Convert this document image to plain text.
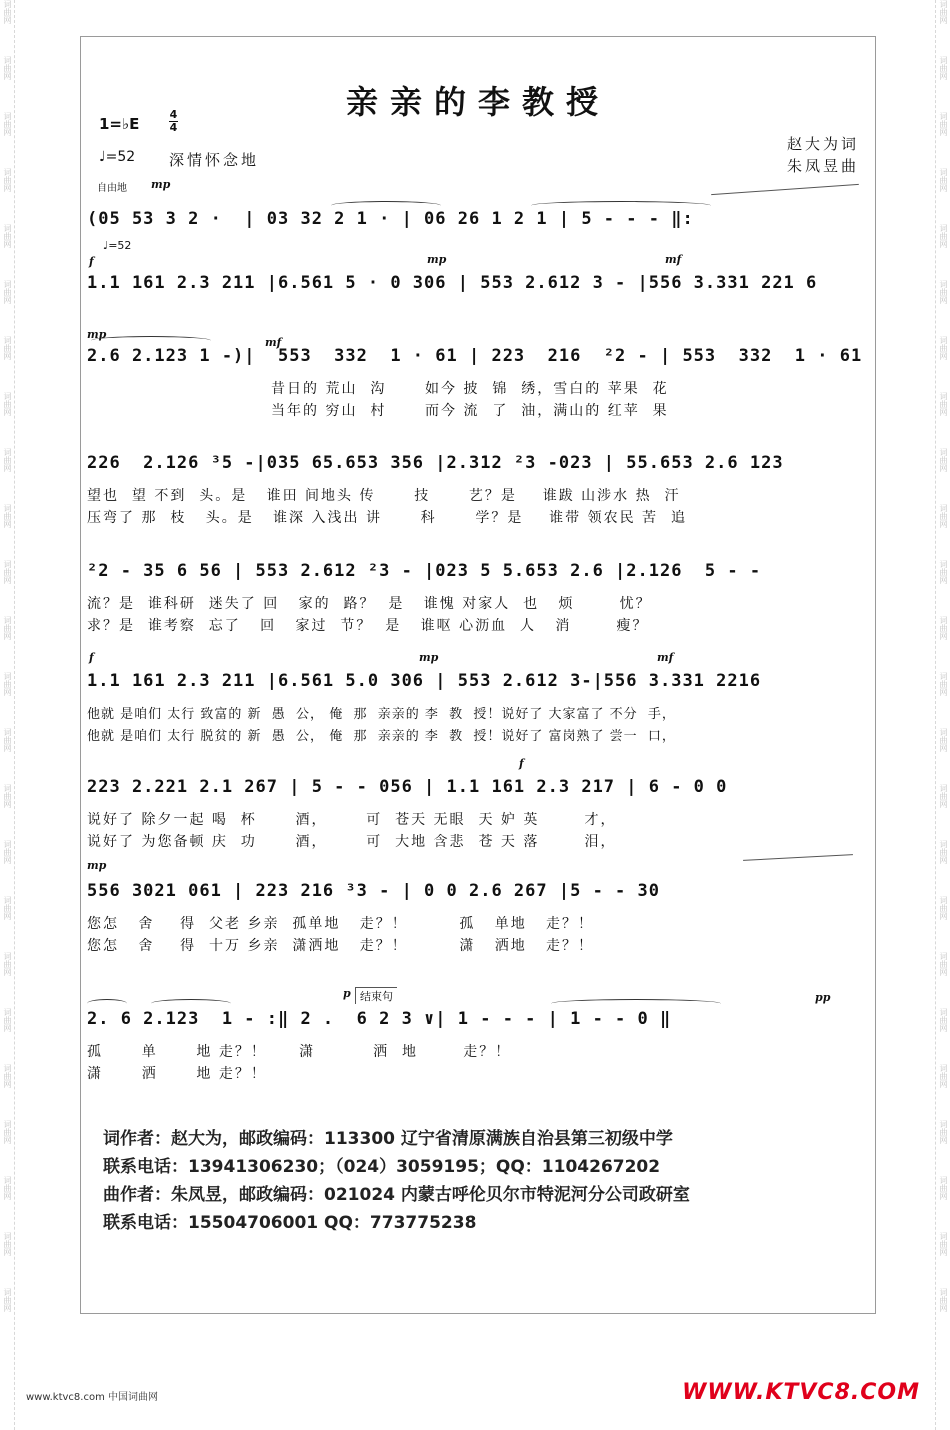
词曲网
词曲网
词曲网
词曲网
词曲网
词曲网
词曲网
词曲网
词曲网
词曲网
词曲网
词曲网
词曲网
词曲网
词曲网
词曲网
词曲网
词曲网
词曲网
词曲网
词曲网
词曲网
词曲网
词曲网
词曲网
词曲网
词曲网
词曲网
词曲网
词曲网
词曲网
词曲网
词曲网
词曲网
词曲网
词曲网
词曲网
词曲网
词曲网
词曲网
词曲网
词曲网
词曲网
词曲网
词曲网
词曲网
词曲网
词曲网
亲亲的李教授
1=♭E
4
4
♩=52 深情怀念地
赵大为词
朱凤昱曲
自由地 mp
(05 53 3 2 ·  | 03 32 2 1 · | 06 26 1 2 1 | 5 - - - ‖:
f
♩=52
mp	mf
1.1 161 2.3 211 |6.561 5 · 0 306 | 553 2.612 3 - |556 3.331 221 6
mp
mf
2.6 2.123 1 -)|  553  332  1 · 61 | 223  216  ²2 - | 553  332  1 · 61
昔日的 荒山  沟      如今 披  锦  绣，雪白的 苹果  花
当年的 穷山  村      而今 流  了  油，满山的 红苹  果
226  2.126 ³5 -|035 65.653 356 |2.312 ²3 -023 | 55.653 2.6 123
望也  望 不到  头。是   谁田 间地头 传      技      艺？是    谁跋 山涉水 热  汗
压弯了 那  枝   头。是   谁深 入浅出 讲      科      学？是    谁带 领农民 苦  追
²2 - 35 6 56 | 553 2.612 ²3 - |023 5 5.653 2.6 |2.126  5 - -
流？是  谁科研  迷失了 回   家的  路？  是   谁愧 对家人  也   烦       忧？
求？是  谁考察  忘了   回   家过  节？  是   谁呕 心沥血  人   消       瘦？
f	mp	mf
1.1 161 2.3 211 |6.561 5.0 306 | 553 2.612 3-|556 3.331 2216
他就 是咱们 太行 致富的 新  愚  公， 俺  那  亲亲的 李  教  授！说好了 大家富了 不分  手，
他就 是咱们 太行 脱贫的 新  愚  公， 俺  那  亲亲的 李  教  授！说好了 富岗熟了 尝一  口，
f
223 2.221 2.1 267 | 5 - - 056 | 1.1 161 2.3 217 | 6 - 0 0
说好了 除夕一起 喝  杯      酒，      可  苍天 无眼  天 妒 英       才，
说好了 为您备顿 庆  功      酒，      可  大地 含悲  苍 天 落       泪，
mp
556 3021 061 | 223 216 ³3 - | 0 0 2.6 267 |5 - - 30
您怎   舍    得  父老 乡亲  孤单地   走？！        孤   单地   走？！
您怎   舍    得  十万 乡亲  潇洒地   走？！        潇   洒地   走？！
p 结束句	pp
2. 6 2.123  1 - :‖ 2 .  6 2 3 ∨| 1 - - - | 1 - - 0 ‖
孤      单      地 走？！     潇         洒  地       走？！
潇      洒      地 走？！
词作者：赵大为，邮政编码：113300 辽宁省清原满族自治县第三初级中学
联系电话：13941306230；（024）3059195；QQ：1104267202
曲作者：朱凤昱，邮政编码：021024 内蒙古呼伦贝尔市特泥河分公司政研室
联系电话：15504706001 QQ：773775238
www.ktvc8.com 中国词曲网	WWW.KTVC8.COM
